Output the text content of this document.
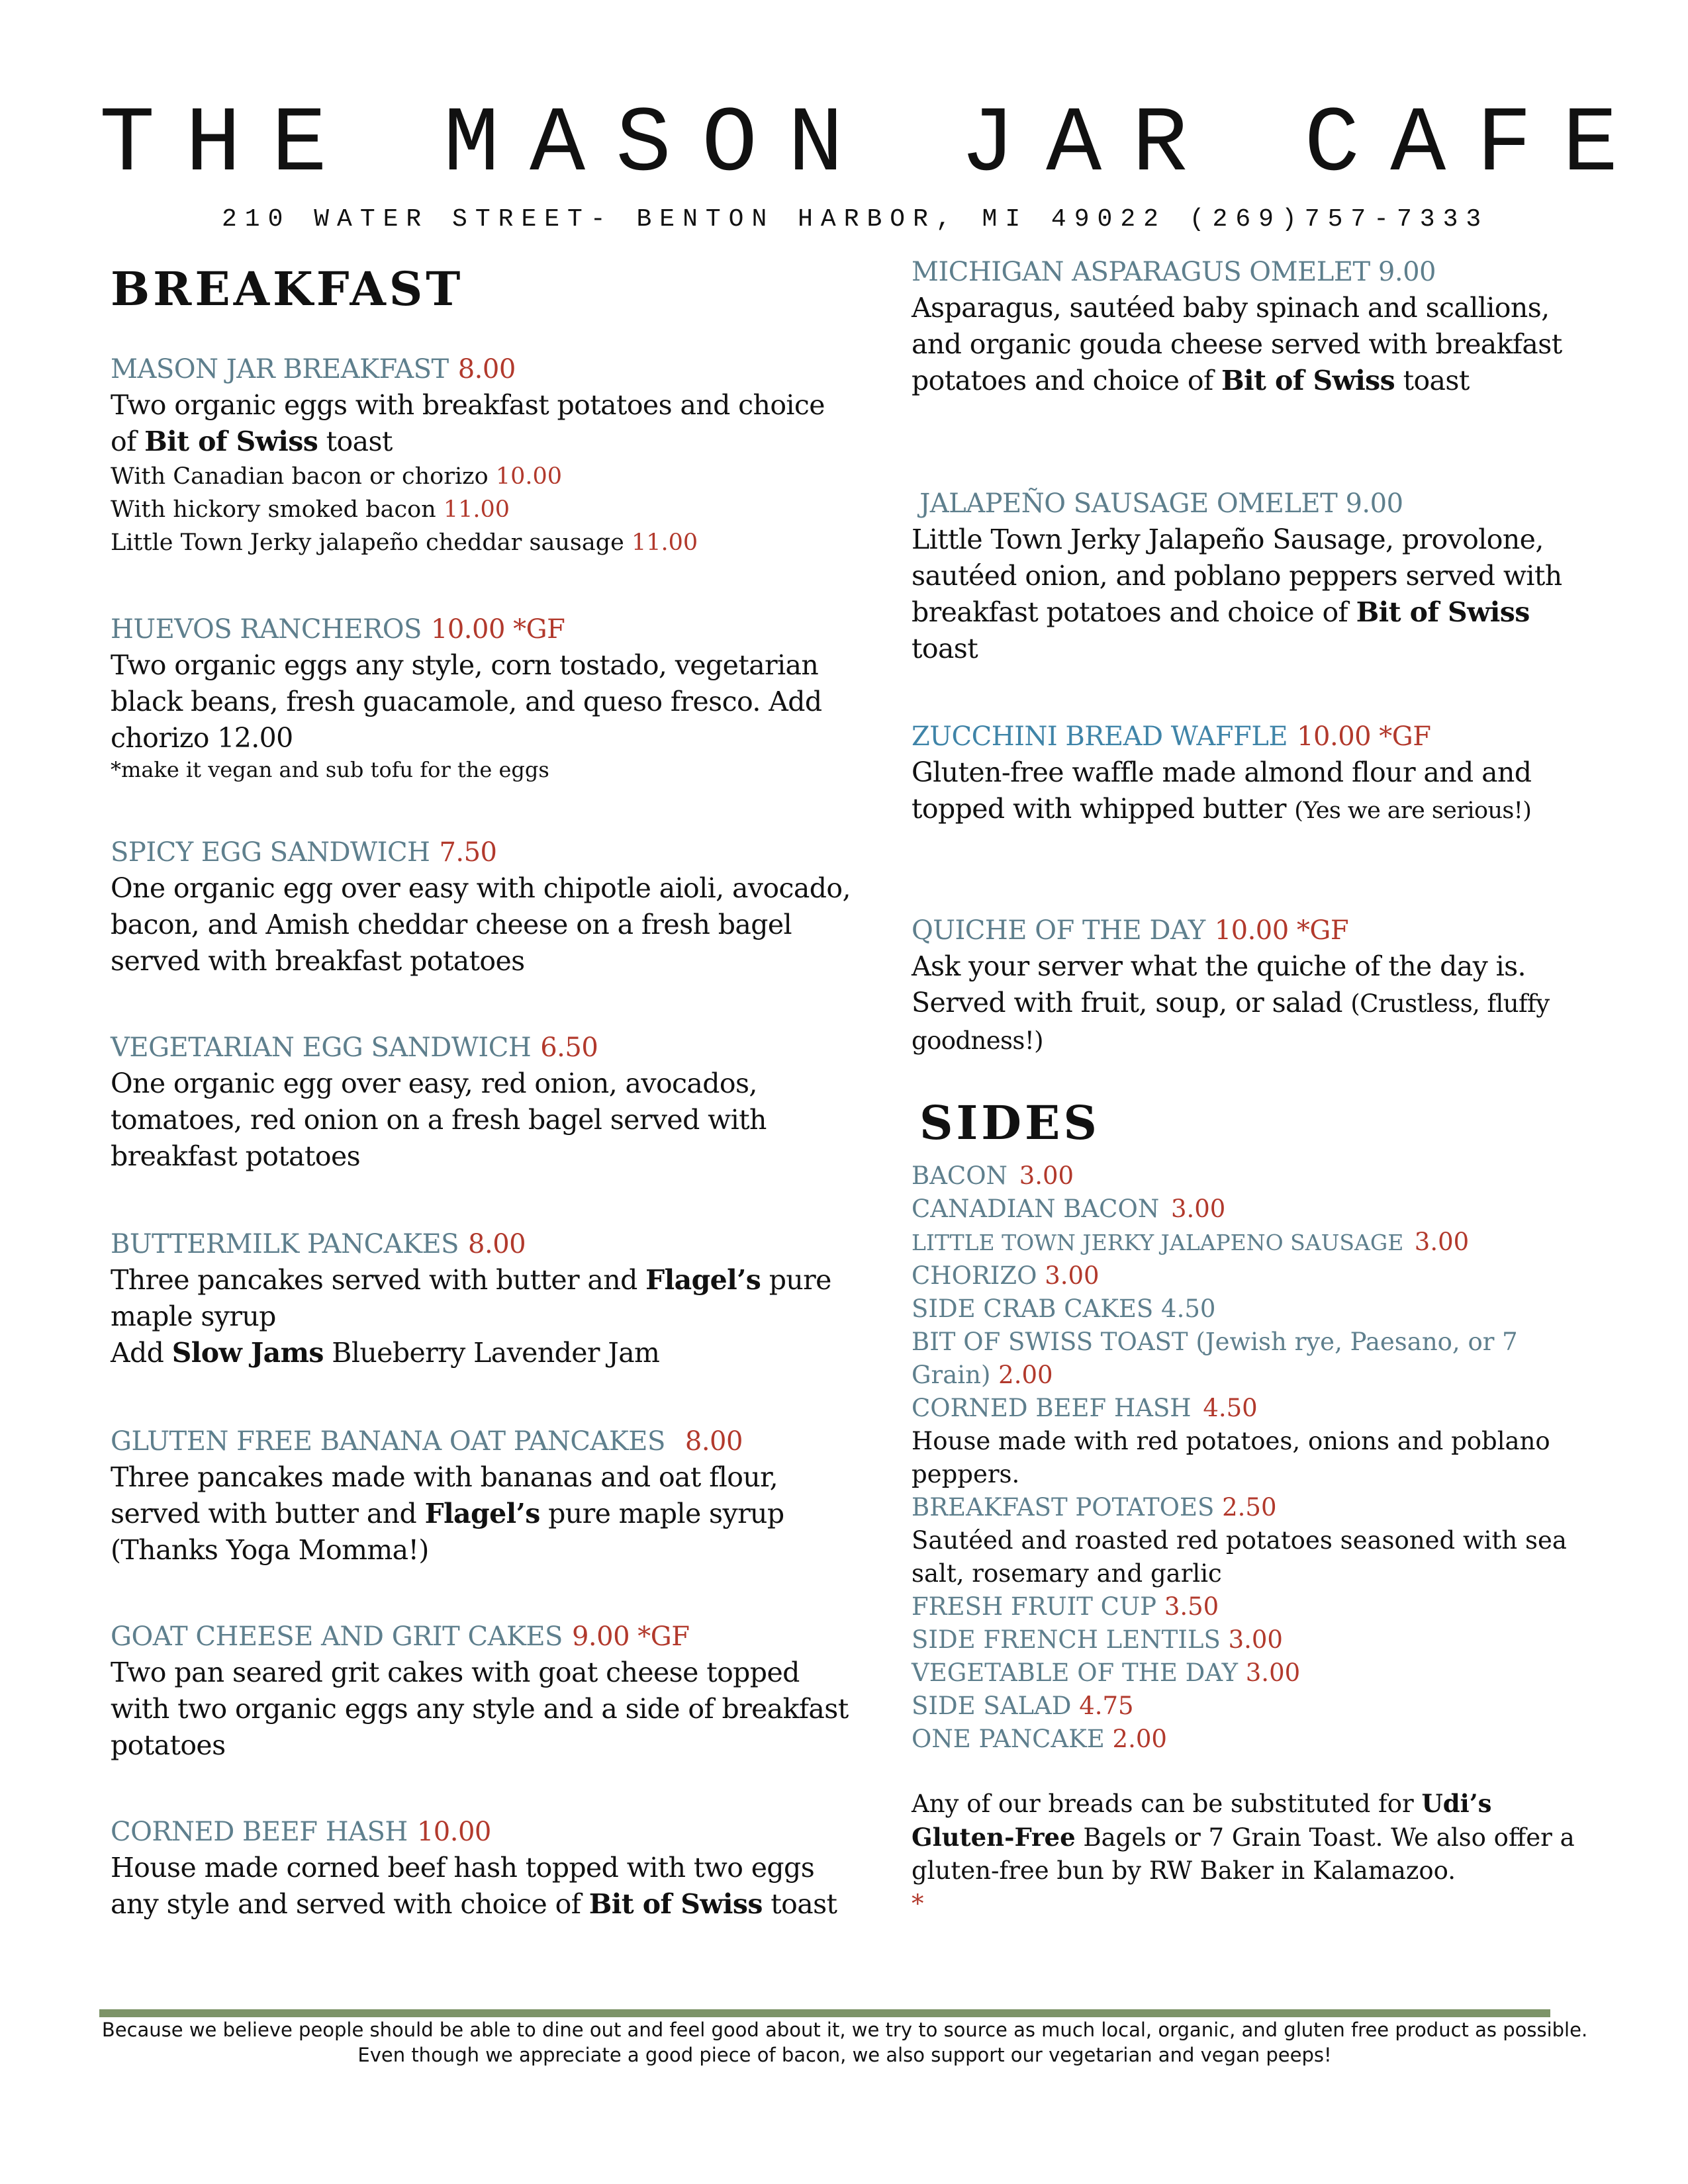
THE MASON JAR CAFE
210 WATER STREET- BENTON HARBOR, MI 49022 (269)757-7333
BREAKFAST
MASON JAR BREAKFAST 8.00
Two organic eggs with breakfast potatoes and choice of Bit of Swiss toast
With Canadian bacon or chorizo 10.00
With hickory smoked bacon 11.00
Little Town Jerky jalapeño cheddar sausage 11.00
HUEVOS RANCHEROS 10.00 *GF
Two organic eggs any style, corn tostado, vegetarian black beans, fresh guacamole, and queso fresco. Add chorizo 12.00
*make it vegan and sub tofu for the eggs
SPICY EGG SANDWICH 7.50
One organic egg over easy with chipotle aioli, avocado, bacon, and Amish cheddar cheese on a fresh bagel served with breakfast potatoes
VEGETARIAN EGG SANDWICH 6.50
One organic egg over easy, red onion, avocados, tomatoes, red onion on a fresh bagel served with breakfast potatoes
BUTTERMILK PANCAKES 8.00
Three pancakes served with butter and Flagel’s pure maple syrup
Add Slow Jams Blueberry Lavender Jam
GLUTEN FREE BANANA OAT PANCAKES 8.00
Three pancakes made with bananas and oat flour, served with butter and Flagel’s pure maple syrup (Thanks Yoga Momma!)
GOAT CHEESE AND GRIT CAKES 9.00 *GF
Two pan seared grit cakes with goat cheese topped with two organic eggs any style and a side of breakfast potatoes
CORNED BEEF HASH 10.00
House made corned beef hash topped with two eggs any style and served with choice of Bit of Swiss toast
MICHIGAN ASPARAGUS OMELET 9.00
Asparagus, sautéed baby spinach and scallions, and organic gouda cheese served with breakfast potatoes and choice of Bit of Swiss toast
JALAPEÑO SAUSAGE OMELET 9.00
Little Town Jerky Jalapeño Sausage, provolone, sautéed onion, and poblano peppers served with breakfast potatoes and choice of Bit of Swiss toast
ZUCCHINI BREAD WAFFLE 10.00 *GF
Gluten-free waffle made almond flour and and topped with whipped butter (Yes we are serious!)
QUICHE OF THE DAY 10.00 *GF
Ask your server what the quiche of the day is. Served with fruit, soup, or salad (Crustless, fluffy goodness!)
SIDES
BACON 3.00
CANADIAN BACON 3.00
LITTLE TOWN JERKY JALAPENO SAUSAGE 3.00
CHORIZO 3.00
SIDE CRAB CAKES 4.50
BIT OF SWISS TOAST (Jewish rye, Paesano, or 7 Grain) 2.00
CORNED BEEF HASH 4.50
House made with red potatoes, onions and poblano peppers.
BREAKFAST POTATOES 2.50
Sautéed and roasted red potatoes seasoned with sea salt, rosemary and garlic
FRESH FRUIT CUP 3.50
SIDE FRENCH LENTILS 3.00
VEGETABLE OF THE DAY 3.00
SIDE SALAD 4.75
ONE PANCAKE 2.00
Any of our breads can be substituted for Udi’s Gluten-Free Bagels or 7 Grain Toast. We also offer a gluten-free bun by RW Baker in Kalamazoo.
*
Because we believe people should be able to dine out and feel good about it, we try to source as much local, organic, and gluten free product as possible. Even though we appreciate a good piece of bacon, we also support our vegetarian and vegan peeps!
